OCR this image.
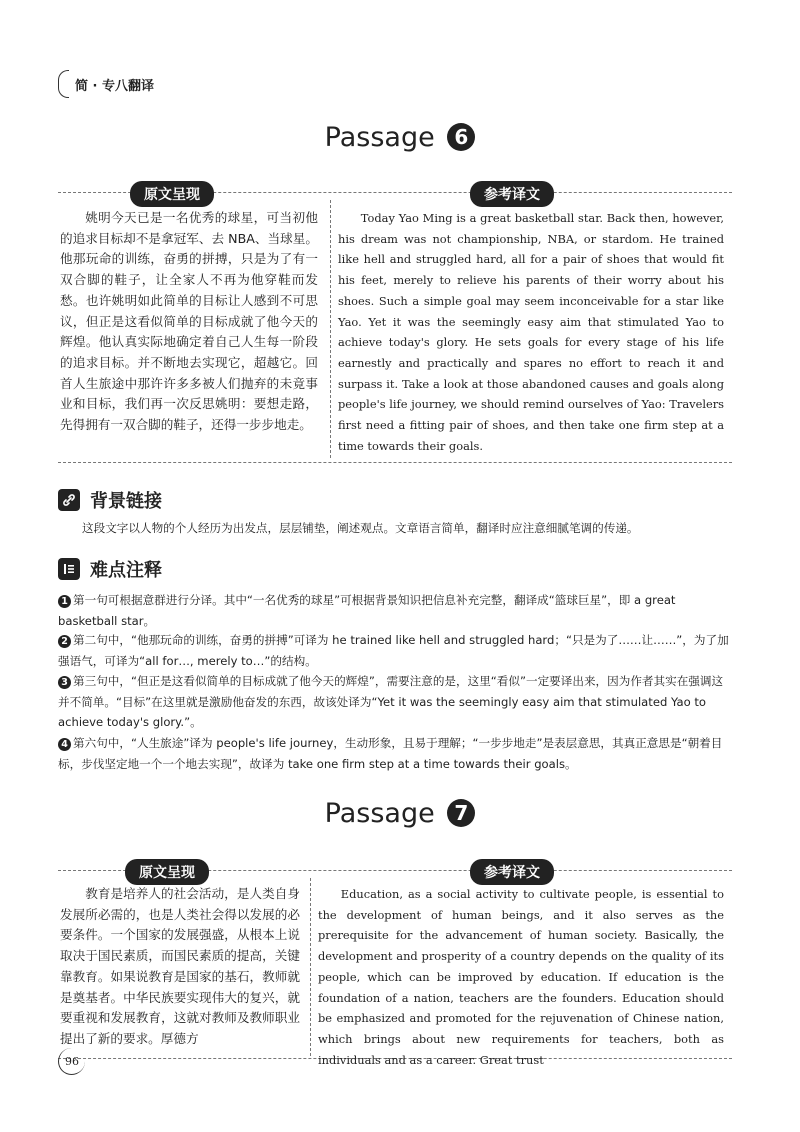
简 · 专八翻译
Passage 6
原文呈现	参考译文
姚明今天已是一名优秀的球星，可当初他的追求目标却不是拿冠军、去 NBA、当球星。他那玩命的训练，奋勇的拼搏，只是为了有一双合脚的鞋子，让全家人不再为他穿鞋而发愁。也许姚明如此简单的目标让人感到不可思议，但正是这看似简单的目标成就了他今天的辉煌。他认真实际地确定着自己人生每一阶段的追求目标。并不断地去实现它，超越它。回首人生旅途中那许许多多被人们抛弃的未竟事业和目标，我们再一次反思姚明：要想走路，先得拥有一双合脚的鞋子，还得一步步地走。
Today Yao Ming is a great basketball star. Back then, however, his dream was not championship, NBA, or stardom. He trained like hell and struggled hard, all for a pair of shoes that would fit his feet, merely to relieve his parents of their worry about his shoes. Such a simple goal may seem inconceivable for a star like Yao. Yet it was the seemingly easy aim that stimulated Yao to achieve today's glory. He sets goals for every stage of his life earnestly and practically and spares no effort to reach it and surpass it. Take a look at those abandoned causes and goals along people's life journey, we should remind ourselves of Yao: Travelers first need a fitting pair of shoes, and then take one firm step at a time towards their goals.
背景链接
这段文字以人物的个人经历为出发点，层层铺垫，阐述观点。文章语言简单，翻译时应注意细腻笔调的传递。
难点注释
1 第一句可根据意群进行分译。其中“一名优秀的球星”可根据背景知识把信息补充完整，翻译成“篮球巨星”，即 a great basketball star。
2 第二句中，“他那玩命的训练，奋勇的拼搏”可译为 he trained like hell and struggled hard；“只是为了……让……”，为了加强语气，可译为“all for…, merely to…”的结构。
3 第三句中，“但正是这看似简单的目标成就了他今天的辉煌”，需要注意的是，这里“看似”一定要译出来，因为作者其实在强调这并不简单。“目标”在这里就是激励他奋发的东西，故该处译为“Yet it was the seemingly easy aim that stimulated Yao to achieve today's glory.”。
4 第六句中，“人生旅途”译为 people's life journey，生动形象，且易于理解；“一步步地走”是表层意思，其真正意思是“朝着目标，步伐坚定地一个一个地去实现”，故译为 take one firm step at a time towards their goals。
Passage 7
原文呈现	参考译文
教育是培养人的社会活动，是人类自身发展所必需的，也是人类社会得以发展的必要条件。一个国家的发展强盛，从根本上说取决于国民素质，而国民素质的提高，关键靠教育。如果说教育是国家的基石，教师就是奠基者。中华民族要实现伟大的复兴，就要重视和发展教育，这就对教师及教师职业提出了新的要求。厚德方
Education, as a social activity to cultivate people, is essential to the development of human beings, and it also serves as the prerequisite for the advancement of human society. Basically, the development and prosperity of a country depends on the quality of its people, which can be improved by education. If education is the foundation of a nation, teachers are the founders. Education should be emphasized and promoted for the rejuvenation of Chinese nation, which brings about new requirements for teachers, both as individuals and as a career. Great trust
96
